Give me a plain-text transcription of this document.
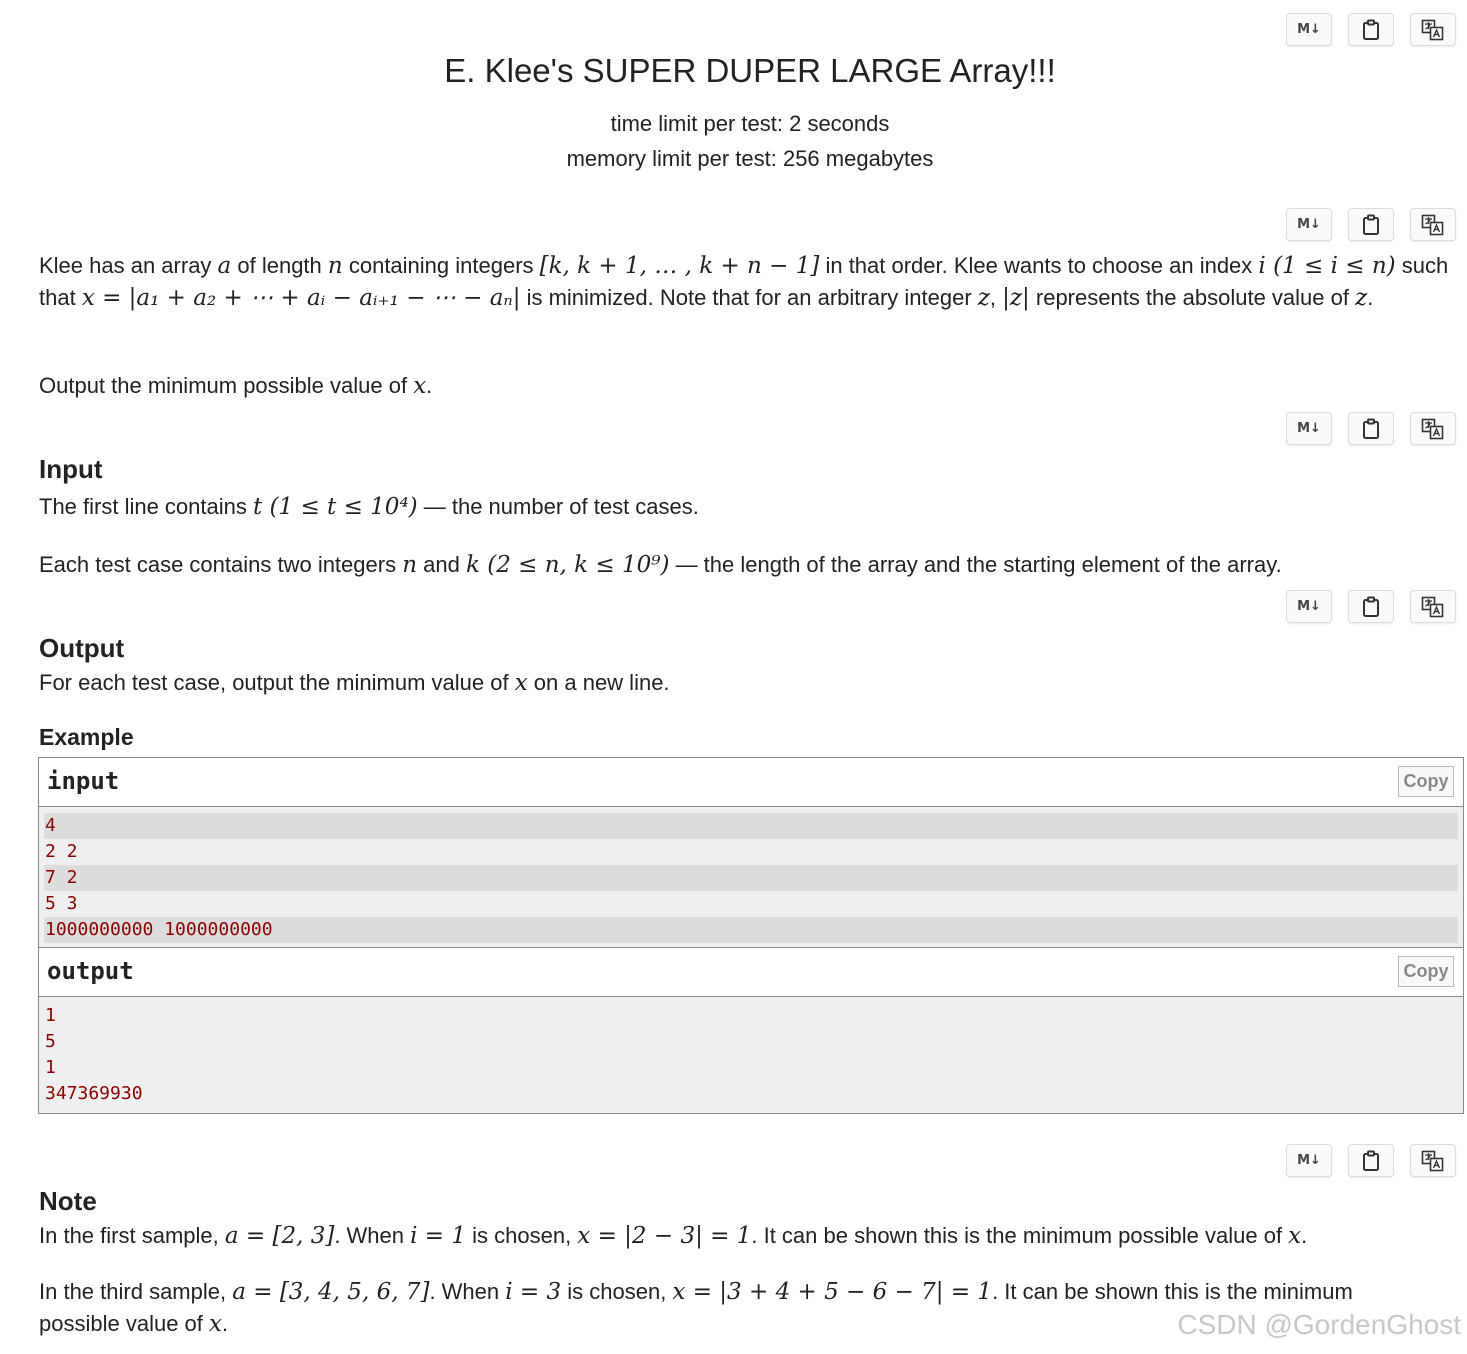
M↓
E. Klee's SUPER DUPER LARGE Array!!!
time limit per test: 2 seconds
memory limit per test: 256 megabytes
M↓
Klee has an array a of length n containing integers [k, k + 1, … , k + n − 1] in that order. Klee wants to choose an index i (1 ≤ i ≤ n) such that x = |a₁ + a₂ + ⋯ + aᵢ − aᵢ₊₁ − ⋯ − aₙ| is minimized. Note that for an arbitrary integer z, |z| represents the absolute value of z.
Output the minimum possible value of x.
M↓
Input
The first line contains t (1 ≤ t ≤ 10⁴) — the number of test cases.
Each test case contains two integers n and k (2 ≤ n, k ≤ 10⁹) — the length of the array and the starting element of the array.
M↓
Output
For each test case, output the minimum value of x on a new line.
Example
input	Copy
4
2 2
7 2
5 3
1000000000 1000000000
output	Copy
1
5
1
347369930
M↓
Note
In the first sample, a = [2, 3]. When i = 1 is chosen, x = |2 − 3| = 1. It can be shown this is the minimum possible value of x.
In the third sample, a = [3, 4, 5, 6, 7]. When i = 3 is chosen, x = |3 + 4 + 5 − 6 − 7| = 1. It can be shown this is the minimum possible value of x.	CSDN @GordenGhost
